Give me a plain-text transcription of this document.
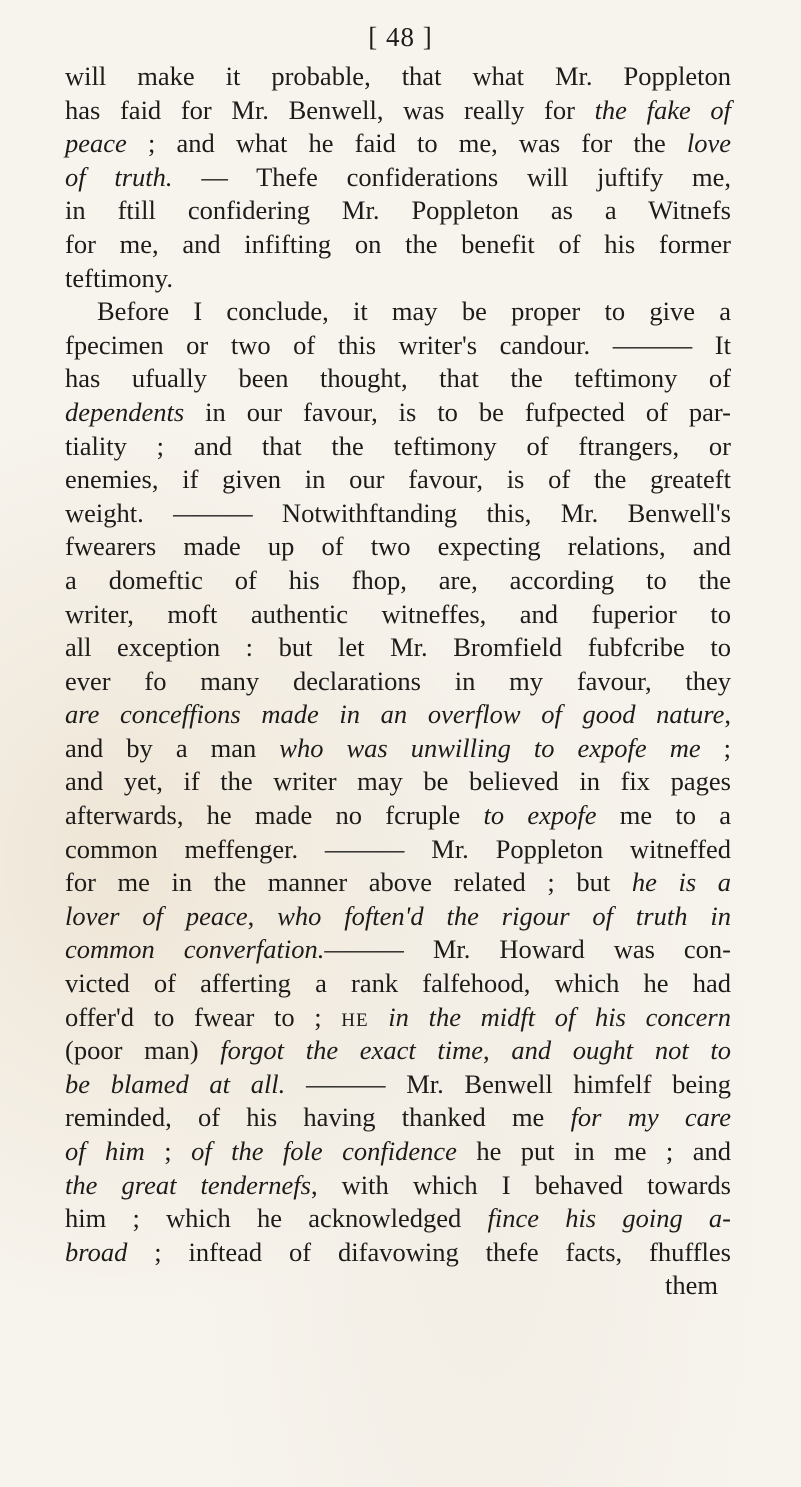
[ 48 ]
will make it probable, that what Mr. Poppleton
has faid for Mr. Benwell, was really for the fake of
peace ; and what he faid to me, was for the love
of truth. — Thefe confiderations will juftify me,
in ftill confidering Mr. Poppleton as a Witnefs
for me, and infifting on the benefit of his former
teftimony.
Before I conclude, it may be proper to give a
fpecimen or two of this writer's candour. ——— It
has ufually been thought, that the teftimony of
dependents in our favour, is to be fufpected of par-
tiality ; and that the teftimony of ftrangers, or
enemies, if given in our favour, is of the greateft
weight. ——— Notwithftanding this, Mr. Benwell's
fwearers made up of two expecting relations, and
a domeftic of his fhop, are, according to the
writer, moft authentic witneffes, and fuperior to
all exception : but let Mr. Bromfield fubfcribe to
ever fo many declarations in my favour, they
are conceffions made in an overflow of good nature,
and by a man who was unwilling to expofe me ;
and yet, if the writer may be believed in fix pages
afterwards, he made no fcruple to expofe me to a
common meffenger. ——— Mr. Poppleton witneffed
for me in the manner above related ; but he is a
lover of peace, who foften'd the rigour of truth in
common converfation.——— Mr. Howard was con-
victed of afferting a rank falfehood, which he had
offer'd to fwear to ; he in the midft of his concern
(poor man) forgot the exact time, and ought not to
be blamed at all. ——— Mr. Benwell himfelf being
reminded, of his having thanked me for my care
of him ; of the fole confidence he put in me ; and
the great tendernefs, with which I behaved towards
him ; which he acknowledged fince his going a-
broad ; inftead of difavowing thefe facts, fhuffles
them
